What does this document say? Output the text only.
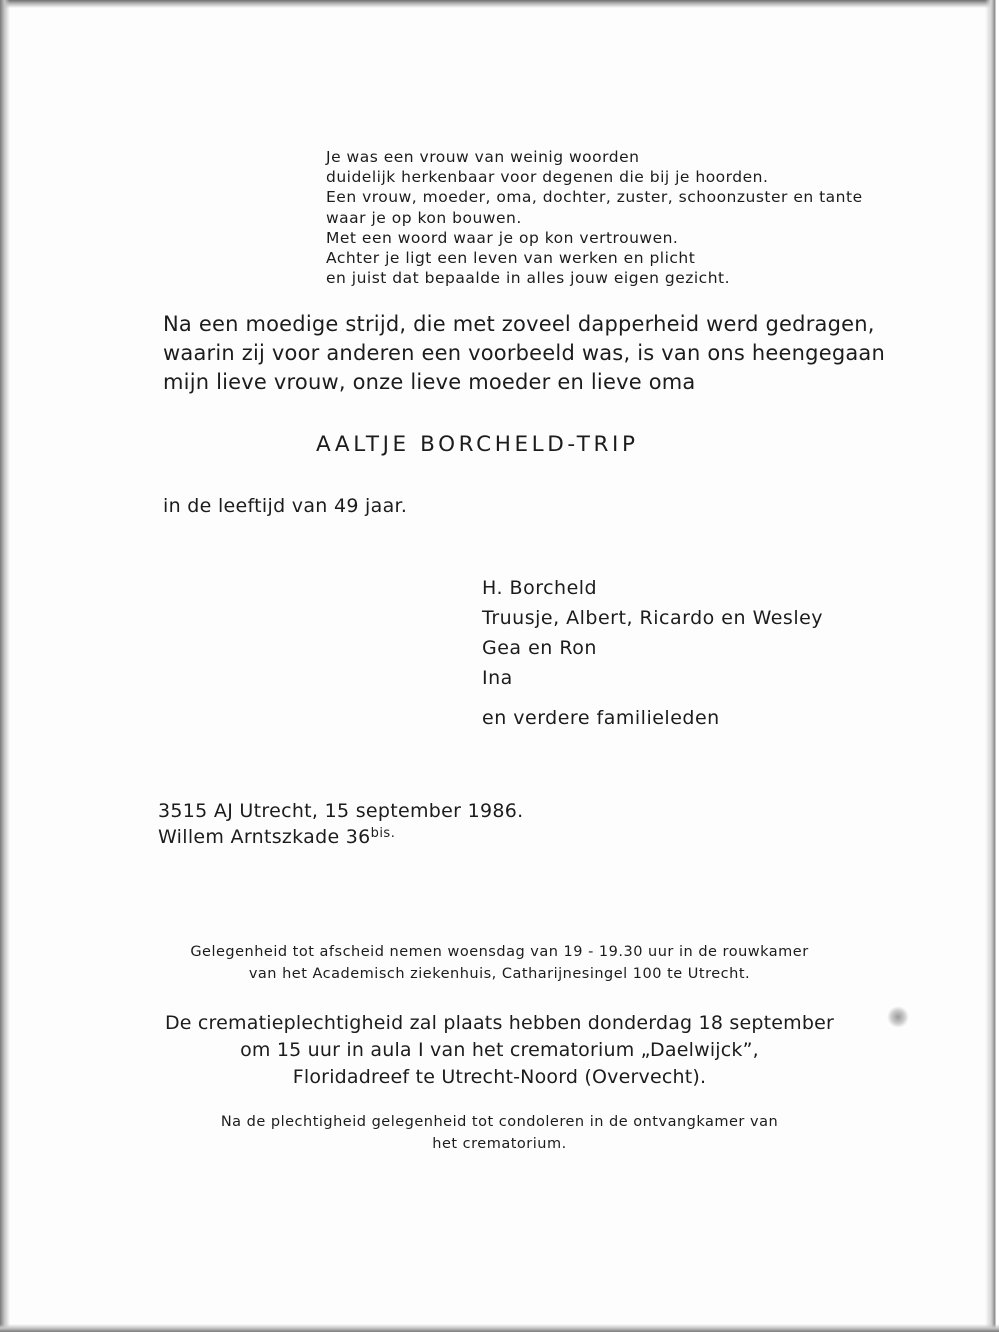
Je was een vrouw van weinig woorden
duidelijk herkenbaar voor degenen die bij je hoorden.
Een vrouw, moeder, oma, dochter, zuster, schoonzuster en tante
waar je op kon bouwen.
Met een woord waar je op kon vertrouwen.
Achter je ligt een leven van werken en plicht
en juist dat bepaalde in alles jouw eigen gezicht.
Na een moedige strijd, die met zoveel dapperheid werd gedragen,
waarin zij voor anderen een voorbeeld was, is van ons heengegaan
mijn lieve vrouw, onze lieve moeder en lieve oma
AALTJE BORCHELD-TRIP
in de leeftijd van 49 jaar.
H. Borcheld
Truusje, Albert, Ricardo en Wesley
Gea en Ron
Ina
en verdere familieleden
3515 AJ Utrecht, 15 september 1986.
Willem Arntszkade $36^{bis.}$
Gelegenheid tot afscheid nemen woensdag van 19 - 19.30 uur in de rouwkamer
van het Academisch ziekenhuis, Catharijnesingel 100 te Utrecht.
De crematieplechtigheid zal plaats hebben donderdag 18 september
om 15 uur in aula I van het crematorium „Daelwijck”,
Floridadreef te Utrecht-Noord (Overvecht).
Na de plechtigheid gelegenheid tot condoleren in de ontvangkamer van
het crematorium.
